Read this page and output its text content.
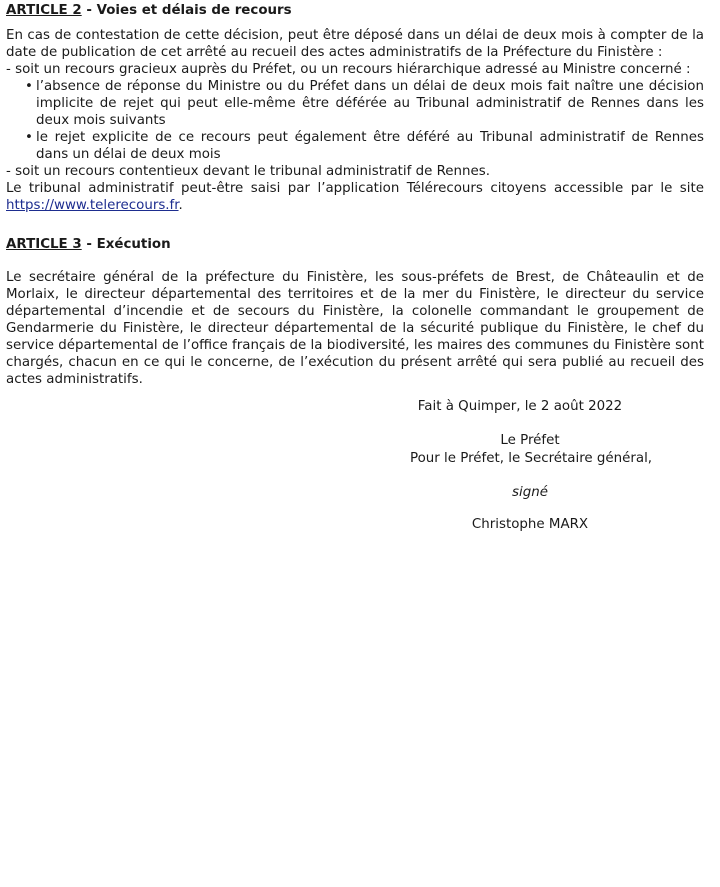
ARTICLE 2 - Voies et délais de recours

En cas de contestation de cette décision, peut être déposé dans un délai de deux mois à compter de la date de publication de cet arrêté au recueil des actes administratifs de la Préfecture du Finistère :

- soit un recours gracieux auprès du Préfet, ou un recours hiérarchique adressé au Ministre concerné :

• l’absence de réponse du Ministre ou du Préfet dans un délai de deux mois fait naître une décision implicite de rejet qui peut elle-même être déférée au Tribunal administratif de Rennes dans les deux mois suivants
• le rejet explicite de ce recours peut également être déféré au Tribunal administratif de Rennes dans un délai de deux mois

- soit un recours contentieux devant le tribunal administratif de Rennes.

Le tribunal administratif peut-être saisi par l’application Télérecours citoyens accessible par le site https://www.telerecours.fr.

ARTICLE 3 - Exécution

Le secrétaire général de la préfecture du Finistère, les sous-préfets de Brest, de Châteaulin et de Morlaix, le directeur départemental des territoires et de la mer du Finistère, le directeur du service départemental d’incendie et de secours du Finistère, la colonelle commandant le groupement de Gendarmerie du Finistère, le directeur départemental de la sécurité publique du Finistère, le chef du service départemental de l’office français de la biodiversité, les maires des communes du Finistère sont chargés, chacun en ce qui le concerne, de l’exécution du présent arrêté qui sera publié au recueil des actes administratifs.

Fait à Quimper, le 2 août 2022
Le Préfet
Pour le Préfet, le Secrétaire général,
signé
Christophe MARX
